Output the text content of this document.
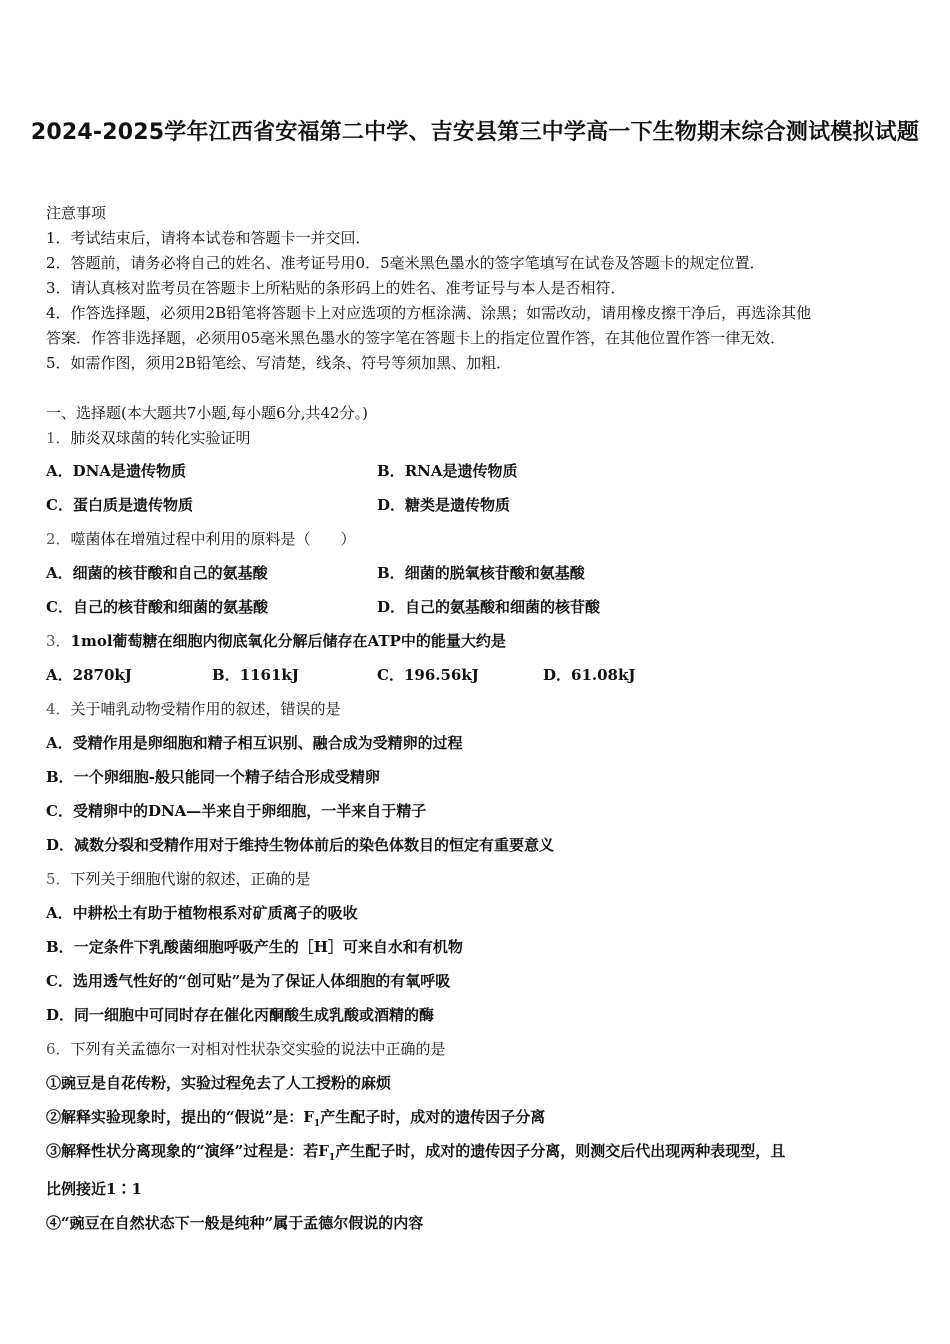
2024-2025学年江西省安福第二中学、吉安县第三中学高一下生物期末综合测试模拟试题
注意事项
1．考试结束后，请将本试卷和答题卡一并交回．
2．答题前，请务必将自己的姓名、准考证号用0．5毫米黑色墨水的签字笔填写在试卷及答题卡的规定位置．
3．请认真核对监考员在答题卡上所粘贴的条形码上的姓名、准考证号与本人是否相符．
4．作答选择题，必须用2B铅笔将答题卡上对应选项的方框涂满、涂黑；如需改动，请用橡皮擦干净后，再选涂其他
答案．作答非选择题，必须用05毫米黑色墨水的签字笔在答题卡上的指定位置作答，在其他位置作答一律无效．
5．如需作图，须用2B铅笔绘、写清楚，线条、符号等须加黑、加粗．
一、选择题(本大题共7小题,每小题6分,共42分。)
1．肺炎双球菌的转化实验证明
A．DNA是遗传物质	B．RNA是遗传物质
C．蛋白质是遗传物质	D．糖类是遗传物质
2．噬菌体在增殖过程中利用的原料是（　　）
A．细菌的核苷酸和自己的氨基酸	B．细菌的脱氧核苷酸和氨基酸
C．自己的核苷酸和细菌的氨基酸	D．自己的氨基酸和细菌的核苷酸
3．1mol葡萄糖在细胞内彻底氧化分解后储存在ATP中的能量大约是
A．2870kJ	B．1161kJ	C．196.56kJ	D．61.08kJ
4．关于哺乳动物受精作用的叙述，错误的是
A．受精作用是卵细胞和精子相互识别、融合成为受精卵的过程
B．一个卵细胞-般只能同一个精子结合形成受精卵
C．受精卵中的DNA—半来自于卵细胞，一半来自于精子
D．减数分裂和受精作用对于维持生物体前后的染色体数目的恒定有重要意义
5．下列关于细胞代谢的叙述，正确的是
A．中耕松土有助于植物根系对矿质离子的吸收
B．一定条件下乳酸菌细胞呼吸产生的［H］可来自水和有机物
C．选用透气性好的“创可贴”是为了保证人体细胞的有氧呼吸
D．同一细胞中可同时存在催化丙酮酸生成乳酸或酒精的酶
6．下列有关孟德尔一对相对性状杂交实验的说法中正确的是
①豌豆是自花传粉，实验过程免去了人工授粉的麻烦
②解释实验现象时，提出的“假说”是：$F_1$产生配子时，成对的遗传因子分离
③解释性状分离现象的“演绎”过程是：若$F_1$产生配子时，成对的遗传因子分离，则测交后代出现两种表现型，且
比例接近1∶1
④“豌豆在自然状态下一般是纯种”属于孟德尔假说的内容
